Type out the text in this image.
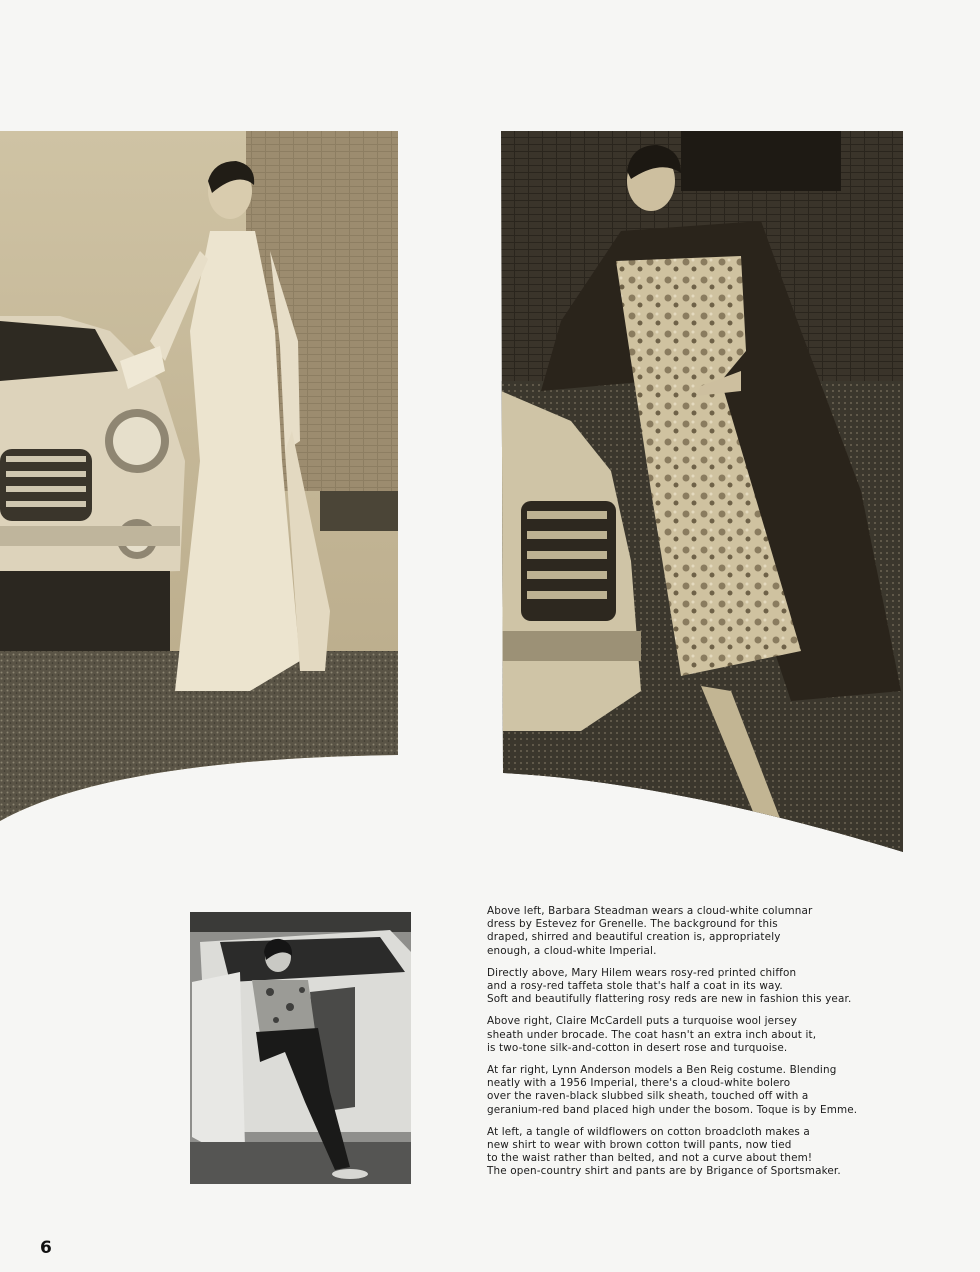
Above left, Barbara Steadman wears a cloud-white columnar
dress by Estevez for Grenelle. The background for this
draped, shirred and beautiful creation is, appropriately
enough, a cloud-white Imperial.

Directly above, Mary Hilem wears rosy-red printed chiffon
and a rosy-red taffeta stole that's half a coat in its way.
Soft and beautifully flattering rosy reds are new in fashion this year.

Above right, Claire McCardell puts a turquoise wool jersey
sheath under brocade. The coat hasn't an extra inch about it,
is two-tone silk-and-cotton in desert rose and turquoise.

At far right, Lynn Anderson models a Ben Reig costume. Blending
neatly with a 1956 Imperial, there's a cloud-white bolero
over the raven-black slubbed silk sheath, touched off with a
geranium-red band placed high under the bosom. Toque is by Emme.

At left, a tangle of wildflowers on cotton broadcloth makes a
new shirt to wear with brown cotton twill pants, now tied
to the waist rather than belted, and not a curve about them!
The open-country shirt and pants are by Brigance of Sportsmaker.

6
